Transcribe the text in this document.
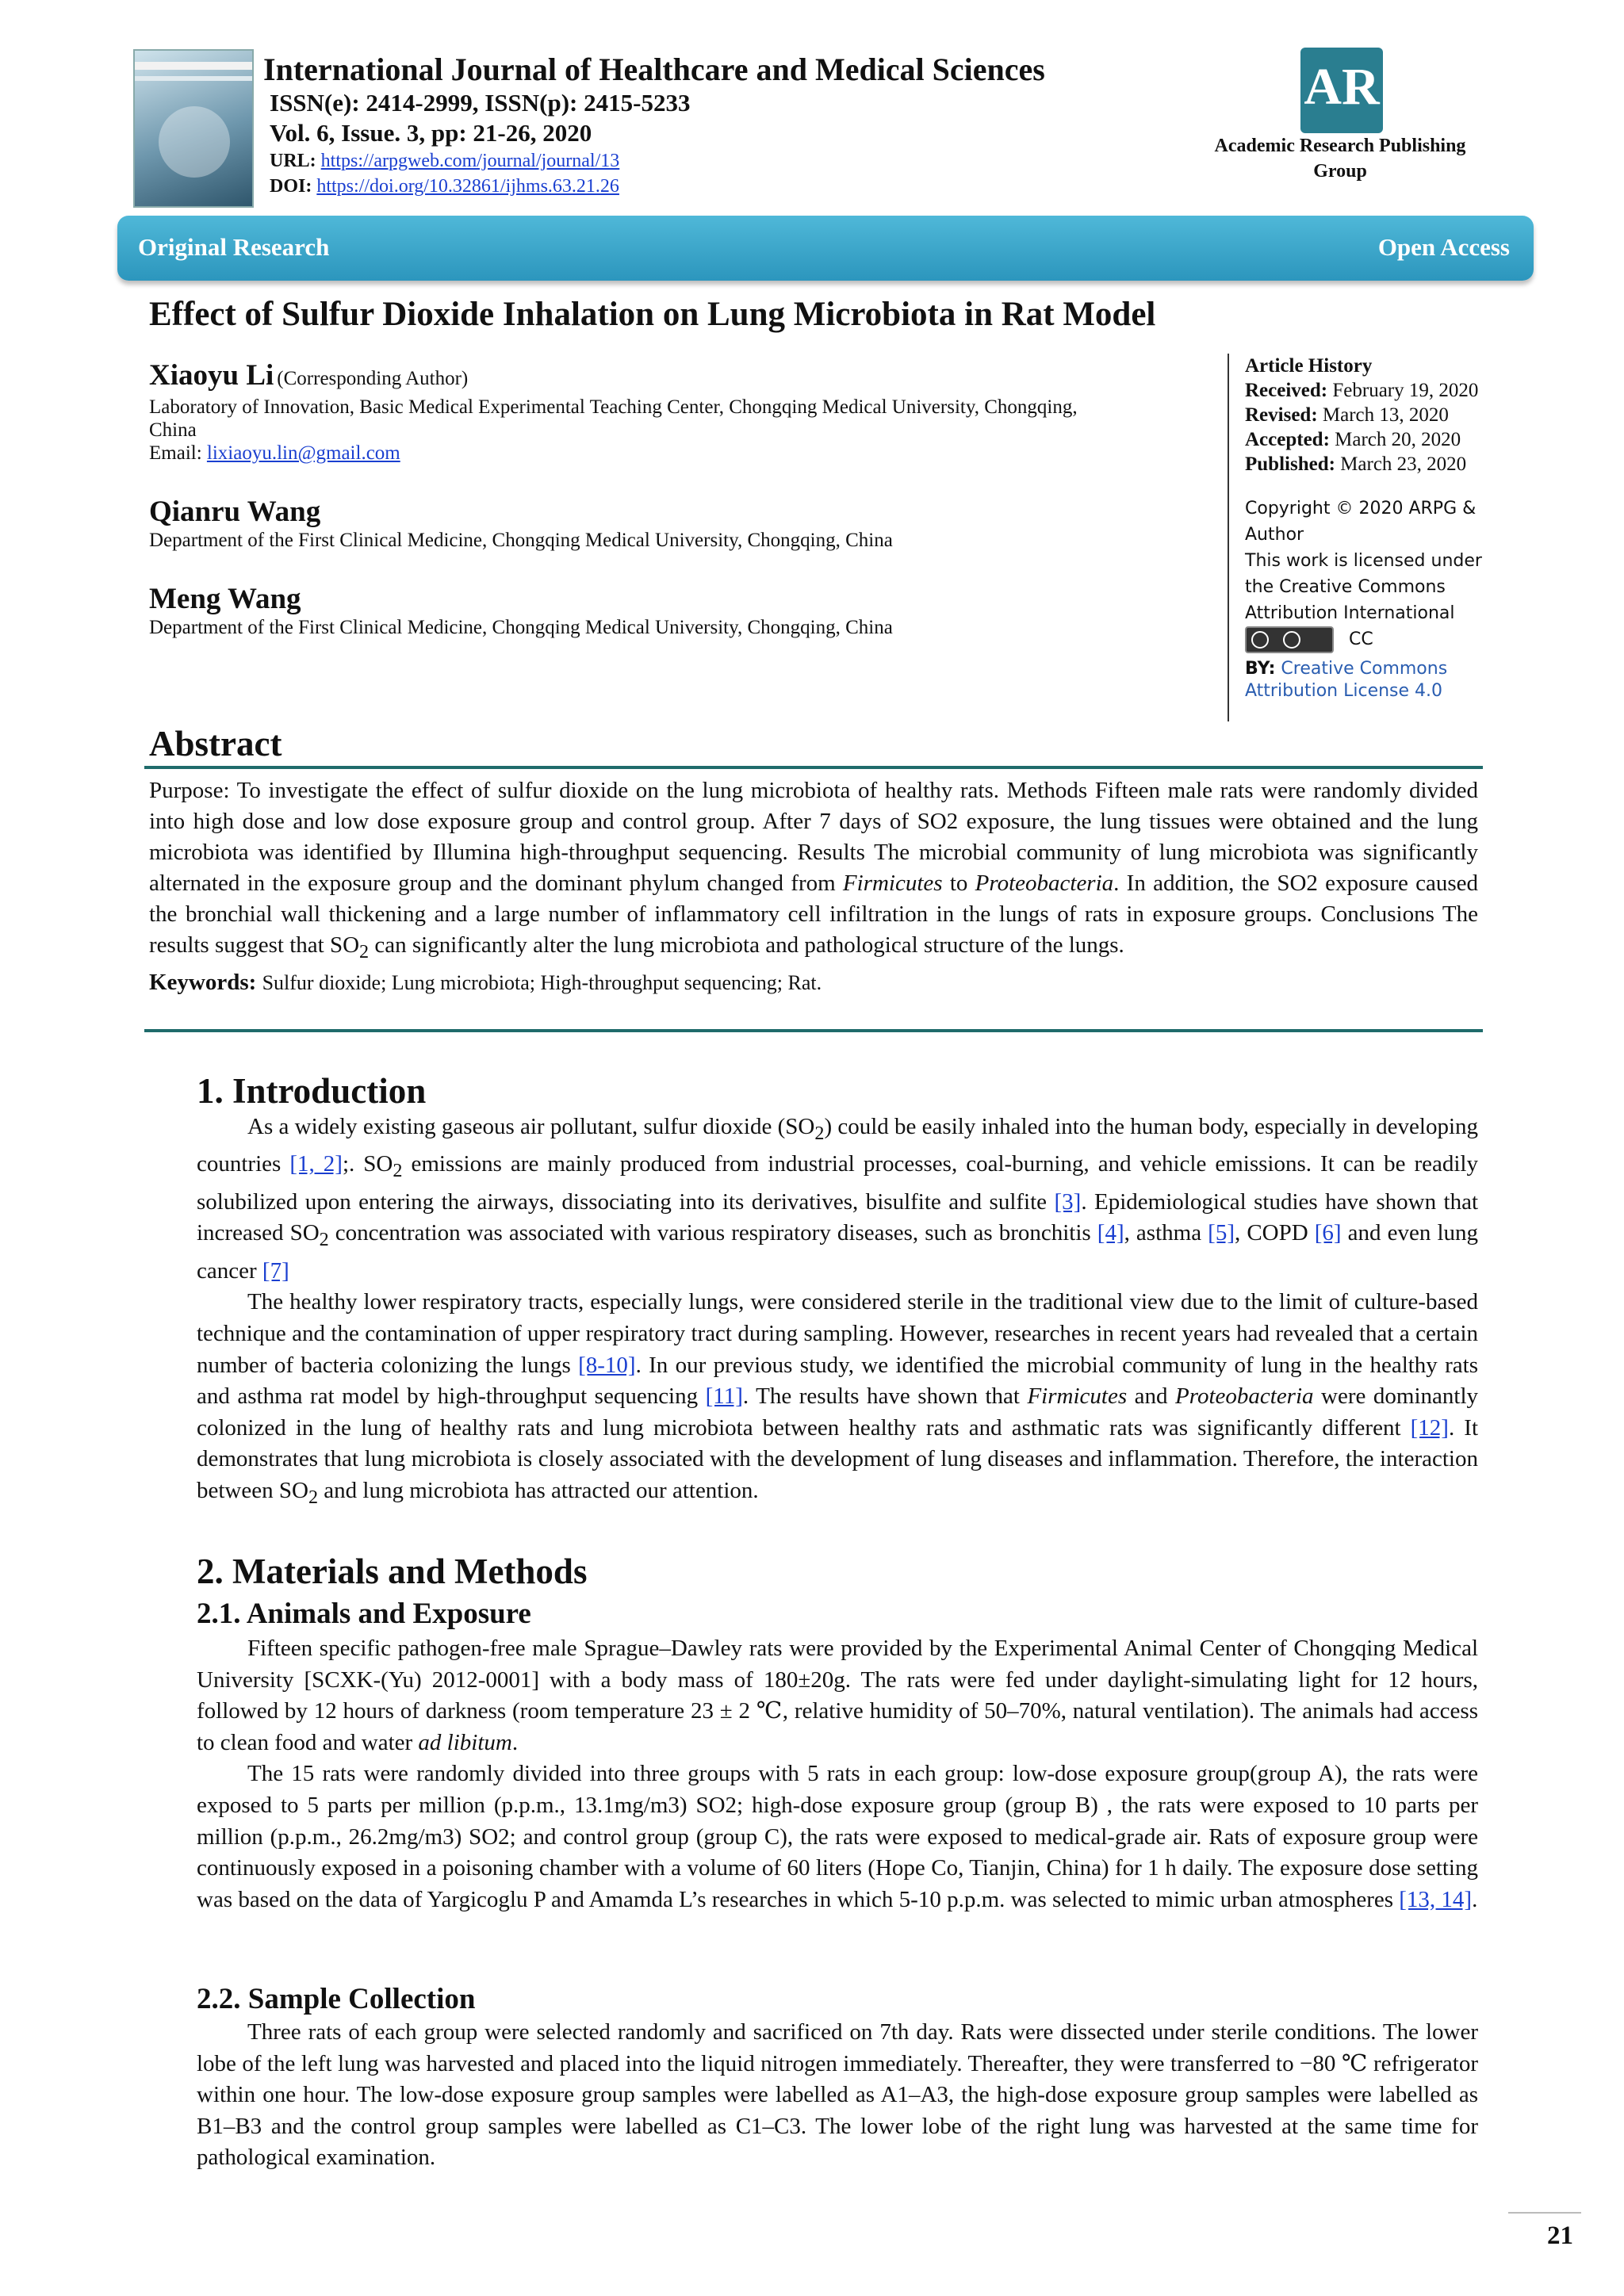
International Journal of Healthcare and Medical Sciences
ISSN(e): 2414-2999, ISSN(p): 2415-5233
Vol. 6, Issue. 3, pp: 21-26, 2020
URL: https://arpgweb.com/journal/journal/13
DOI: https://doi.org/10.32861/ijhms.63.21.26
AR
Academic Research Publishing
Group
Original Research	Open Access
Effect of Sulfur Dioxide Inhalation on Lung Microbiota in Rat Model
Xiaoyu Li (Corresponding Author)
Laboratory of Innovation, Basic Medical Experimental Teaching Center, Chongqing Medical University, Chongqing,
China
Email: lixiaoyu.lin@gmail.com
Qianru Wang
Department of the First Clinical Medicine, Chongqing Medical University, Chongqing, China
Meng Wang
Department of the First Clinical Medicine, Chongqing Medical University, Chongqing, China
Article History
Received: February 19, 2020
Revised: March 13, 2020
Accepted: March 20, 2020
Published: March 23, 2020
Copyright © 2020 ARPG &
Author
This work is licensed under
the Creative Commons
Attribution International
CC
BY: Creative Commons
Attribution License 4.0
Abstract
Purpose: To investigate the effect of sulfur dioxide on the lung microbiota of healthy rats. Methods Fifteen male rats were randomly divided into high dose and low dose exposure group and control group. After 7 days of SO2 exposure, the lung tissues were obtained and the lung microbiota was identified by Illumina high-throughput sequencing. Results The microbial community of lung microbiota was significantly alternated in the exposure group and the dominant phylum changed from Firmicutes to Proteobacteria. In addition, the SO2 exposure caused the bronchial wall thickening and a large number of inflammatory cell infiltration in the lungs of rats in exposure groups. Conclusions The results suggest that $SO_2$ can significantly alter the lung microbiota and pathological structure of the lungs.
Keywords: Sulfur dioxide; Lung microbiota; High-throughput sequencing; Rat.
1. Introduction

As a widely existing gaseous air pollutant, sulfur dioxide $(SO_2)$ could be easily inhaled into the human body, especially in developing countries [1, 2];. $SO_2$ emissions are mainly produced from industrial processes, coal-burning, and vehicle emissions. It can be readily solubilized upon entering the airways, dissociating into its derivatives, bisulfite and sulfite [3]. Epidemiological studies have shown that increased $SO_2$ concentration was associated with various respiratory diseases, such as bronchitis [4], asthma [5], COPD [6] and even lung cancer [7]

The healthy lower respiratory tracts, especially lungs, were considered sterile in the traditional view due to the limit of culture-based technique and the contamination of upper respiratory tract during sampling. However, researches in recent years had revealed that a certain number of bacteria colonizing the lungs [8-10]. In our previous study, we identified the microbial community of lung in the healthy rats and asthma rat model by high-throughput sequencing [11]. The results have shown that Firmicutes and Proteobacteria were dominantly colonized in the lung of healthy rats and lung microbiota between healthy rats and asthmatic rats was significantly different [12]. It demonstrates that lung microbiota is closely associated with the development of lung diseases and inflammation. Therefore, the interaction between $SO_2$ and lung microbiota has attracted our attention.

2. Materials and Methods
2.1. Animals and Exposure

Fifteen specific pathogen-free male Sprague–Dawley rats were provided by the Experimental Animal Center of Chongqing Medical University [SCXK-(Yu) 2012-0001] with a body mass of 180±20g. The rats were fed under daylight-simulating light for 12 hours, followed by 12 hours of darkness (room temperature 23 ± 2 ℃, relative humidity of 50–70%, natural ventilation). The animals had access to clean food and water ad libitum.

The 15 rats were randomly divided into three groups with 5 rats in each group: low-dose exposure group(group A), the rats were exposed to 5 parts per million (p.p.m., 13.1mg/m3) SO2; high-dose exposure group (group B) , the rats were exposed to 10 parts per million (p.p.m., 26.2mg/m3) SO2; and control group (group C), the rats were exposed to medical-grade air. Rats of exposure group were continuously exposed in a poisoning chamber with a volume of 60 liters (Hope Co, Tianjin, China) for 1 h daily. The exposure dose setting was based on the data of Yargicoglu P and Amamda L’s researches in which 5-10 p.p.m. was selected to mimic urban atmospheres [13, 14].

2.2. Sample Collection

Three rats of each group were selected randomly and sacrificed on 7th day. Rats were dissected under sterile conditions. The lower lobe of the left lung was harvested and placed into the liquid nitrogen immediately. Thereafter, they were transferred to −80 ℃ refrigerator within one hour. The low-dose exposure group samples were labelled as A1–A3, the high-dose exposure group samples were labelled as B1–B3 and the control group samples were labelled as C1–C3. The lower lobe of the right lung was harvested at the same time for pathological examination.

21
